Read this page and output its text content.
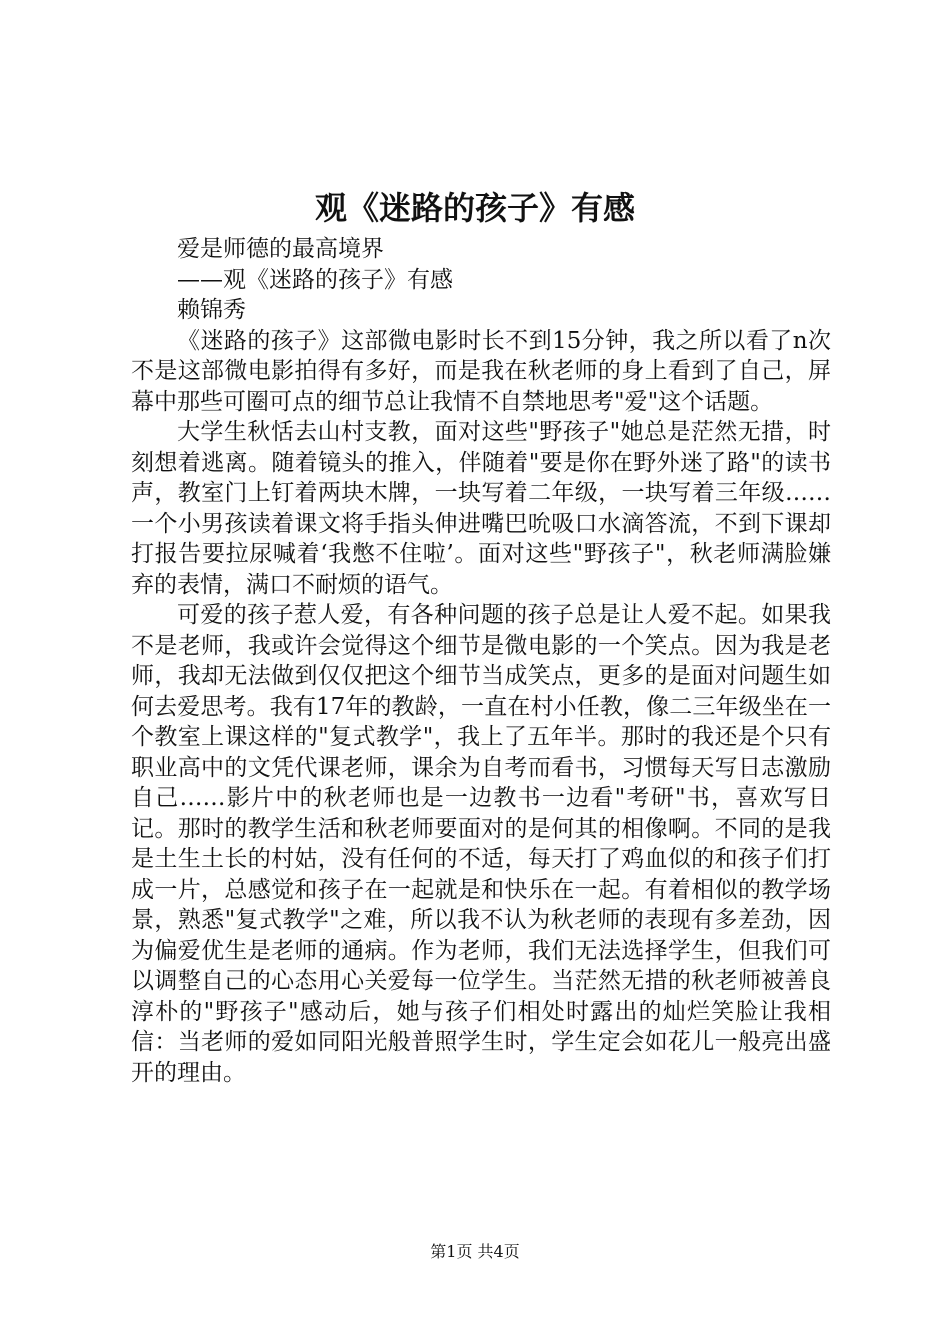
观《迷路的孩子》有感

爱是师德的最高境界

——观《迷路的孩子》有感

赖锦秀

《迷路的孩子》这部微电影时长不到15分钟，我之所以看了n次不是这部微电影拍得有多好，而是我在秋老师的身上看到了自己，屏幕中那些可圈可点的细节总让我情不自禁地思考"爱"这个话题。

大学生秋恬去山村支教，面对这些"野孩子"她总是茫然无措，时刻想着逃离。随着镜头的推入，伴随着"要是你在野外迷了路"的读书声，教室门上钉着两块木牌，一块写着二年级，一块写着三年级……一个小男孩读着课文将手指头伸进嘴巴吮吸口水滴答流，不到下课却打报告要拉尿喊着‘我憋不住啦’。面对这些"野孩子"，秋老师满脸嫌弃的表情，满口不耐烦的语气。

可爱的孩子惹人爱，有各种问题的孩子总是让人爱不起。如果我不是老师，我或许会觉得这个细节是微电影的一个笑点。因为我是老师，我却无法做到仅仅把这个细节当成笑点，更多的是面对问题生如何去爱思考。我有17年的教龄，一直在村小任教，像二三年级坐在一个教室上课这样的"复式教学"，我上了五年半。那时的我还是个只有职业高中的文凭代课老师，课余为自考而看书，习惯每天写日志激励自己……影片中的秋老师也是一边教书一边看"考研"书，喜欢写日记。那时的教学生活和秋老师要面对的是何其的相像啊。不同的是我是土生土长的村姑，没有任何的不适，每天打了鸡血似的和孩子们打成一片，总感觉和孩子在一起就是和快乐在一起。有着相似的教学场景，熟悉"复式教学"之难，所以我不认为秋老师的表现有多差劲，因为偏爱优生是老师的通病。作为老师，我们无法选择学生，但我们可以调整自己的心态用心关爱每一位学生。当茫然无措的秋老师被善良淳朴的"野孩子"感动后，她与孩子们相处时露出的灿烂笑脸让我相信：当老师的爱如同阳光般普照学生时，学生定会如花儿一般亮出盛开的理由。

第1页 共4页
